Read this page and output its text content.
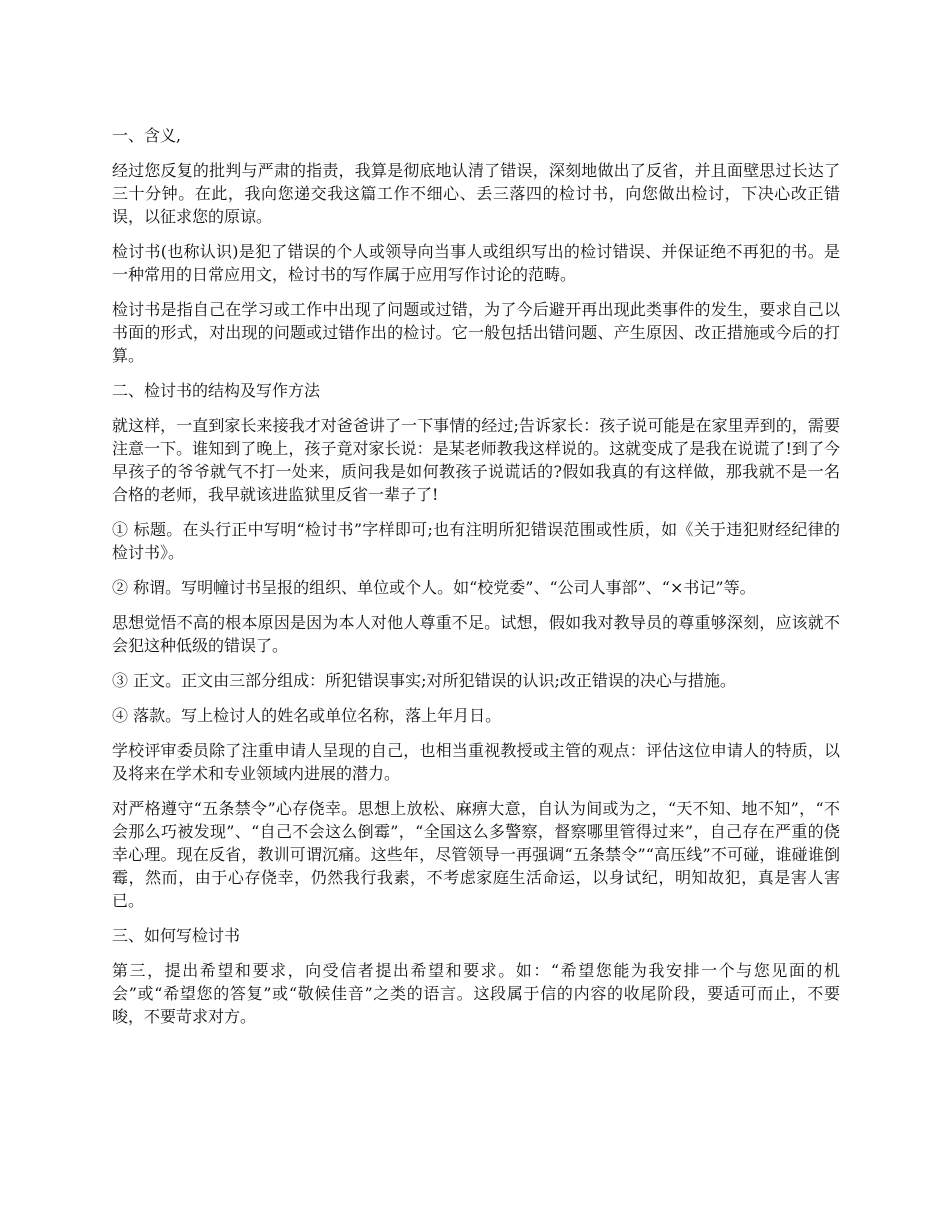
一、含义,

经过您反复的批判与严肃的指责，我算是彻底地认清了错误，深刻地做出了反省，并且面壁思过长达了三十分钟。在此，我向您递交我这篇工作不细心、丢三落四的检讨书，向您做出检讨，下决心改正错误，以征求您的原谅。

检讨书(也称认识)是犯了错误的个人或领导向当事人或组织写出的检讨错误、并保证绝不再犯的书。是一种常用的日常应用文，检讨书的写作属于应用写作讨论的范畴。

检讨书是指自己在学习或工作中出现了问题或过错，为了今后避开再出现此类事件的发生，要求自己以书面的形式，对出现的问题或过错作出的检讨。它一般包括出错问题、产生原因、改正措施或今后的打算。

二、检讨书的结构及写作方法

就这样，一直到家长来接我才对爸爸讲了一下事情的经过;告诉家长：孩子说可能是在家里弄到的，需要注意一下。谁知到了晚上，孩子竟对家长说：是某老师教我这样说的。这就变成了是我在说谎了!到了今早孩子的爷爷就气不打一处来，质问我是如何教孩子说谎话的?假如我真的有这样做，那我就不是一名合格的老师，我早就该进监狱里反省一辈子了!

① 标题。在头行正中写明“检讨书”字样即可;也有注明所犯错误范围或性质，如《关于违犯财经纪律的检讨书》。

② 称谓。写明幢讨书呈报的组织、单位或个人。如“校党委”、“公司人事部”、“×书记”等。

思想觉悟不高的根本原因是因为本人对他人尊重不足。试想，假如我对教导员的尊重够深刻，应该就不会犯这种低级的错误了。

③ 正文。正文由三部分组成：所犯错误事实;对所犯错误的认识;改正错误的决心与措施。

④ 落款。写上检讨人的姓名或单位名称，落上年月日。

学校评审委员除了注重申请人呈现的自己，也相当重视教授或主管的观点：评估这位申请人的特质，以及将来在学术和专业领域内进展的潜力。

对严格遵守“五条禁令”心存侥幸。思想上放松、麻痹大意，自认为间或为之，“天不知、地不知”，“不会那么巧被发现”、“自己不会这么倒霉”，“全国这么多警察，督察哪里管得过来”，自己存在严重的侥幸心理。现在反省，教训可谓沉痛。这些年，尽管领导一再强调“五条禁令”“高压线”不可碰，谁碰谁倒霉，然而，由于心存侥幸，仍然我行我素，不考虑家庭生活命运，以身试纪，明知故犯，真是害人害已。

三、如何写检讨书

第三，提出希望和要求，向受信者提出希望和要求。如：“希望您能为我安排一个与您见面的机会”或“希望您的答复”或“敬候佳音”之类的语言。这段属于信的内容的收尾阶段，要适可而止，不要唆，不要苛求对方。
